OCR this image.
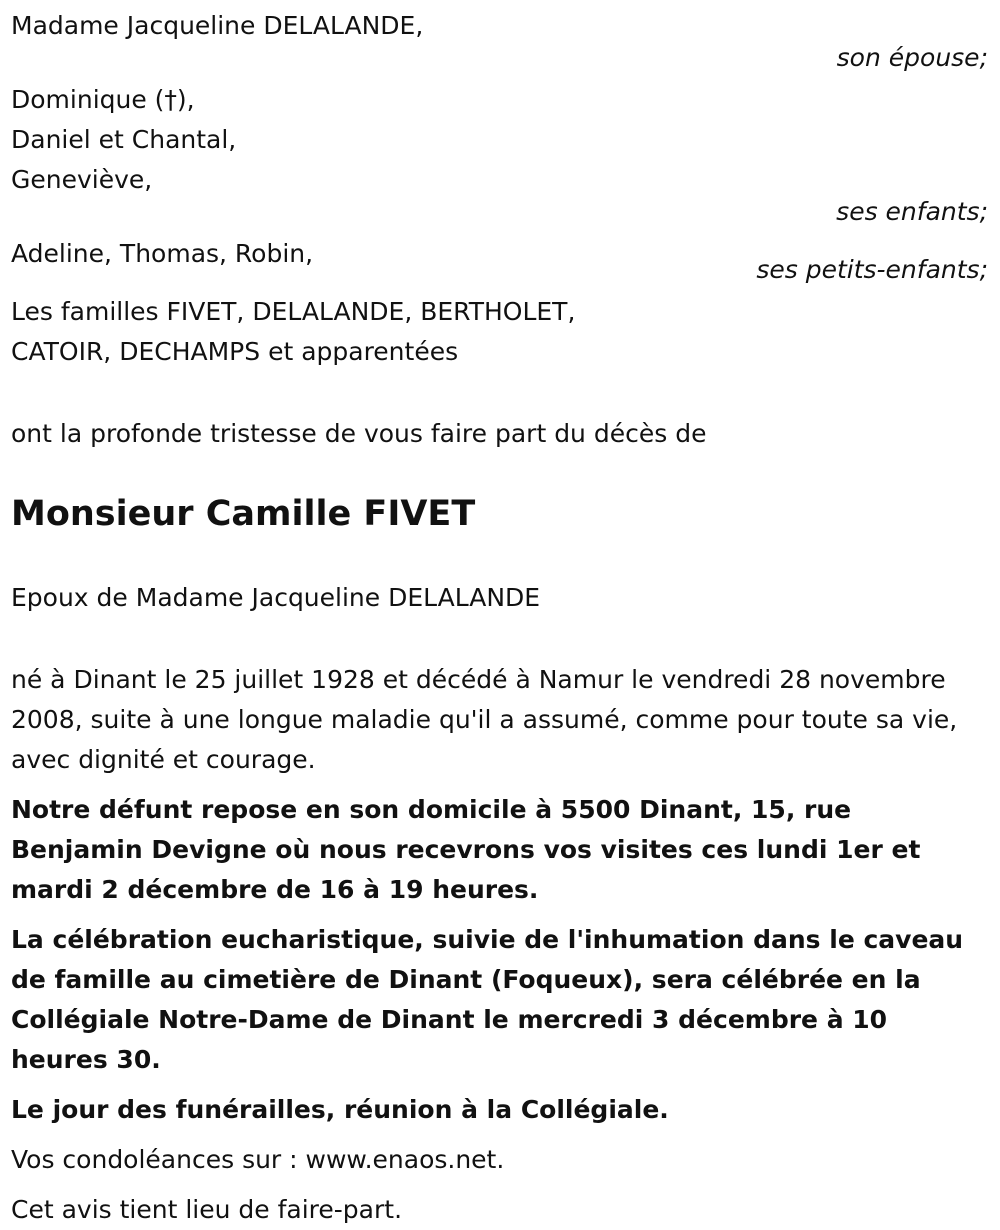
Madame Jacqueline DELALANDE,
son épouse;
Dominique (†),
Daniel et Chantal,
Geneviève,
ses enfants;
Adeline, Thomas, Robin,
ses petits-enfants;
Les familles FIVET, DELALANDE, BERTHOLET,
CATOIR, DECHAMPS et apparentées
ont la profonde tristesse de vous faire part du décès de
Monsieur Camille FIVET
Epoux de Madame Jacqueline DELALANDE
né à Dinant le 25 juillet 1928 et décédé à Namur le vendredi 28 novembre 2008, suite à une longue maladie qu'il a assumé, comme pour toute sa vie, avec dignité et courage.
Notre défunt repose en son domicile à 5500 Dinant, 15, rue Benjamin Devigne où nous recevrons vos visites ces lundi 1er et mardi 2 décembre de 16 à 19 heures.
La célébration eucharistique, suivie de l'inhumation dans le caveau de famille au cimetière de Dinant (Foqueux), sera célébrée en la Collégiale Notre-Dame de Dinant le mercredi 3 décembre à 10 heures 30.
Le jour des funérailles, réunion à la Collégiale.
Vos condoléances sur : www.enaos.net.
Cet avis tient lieu de faire-part.
